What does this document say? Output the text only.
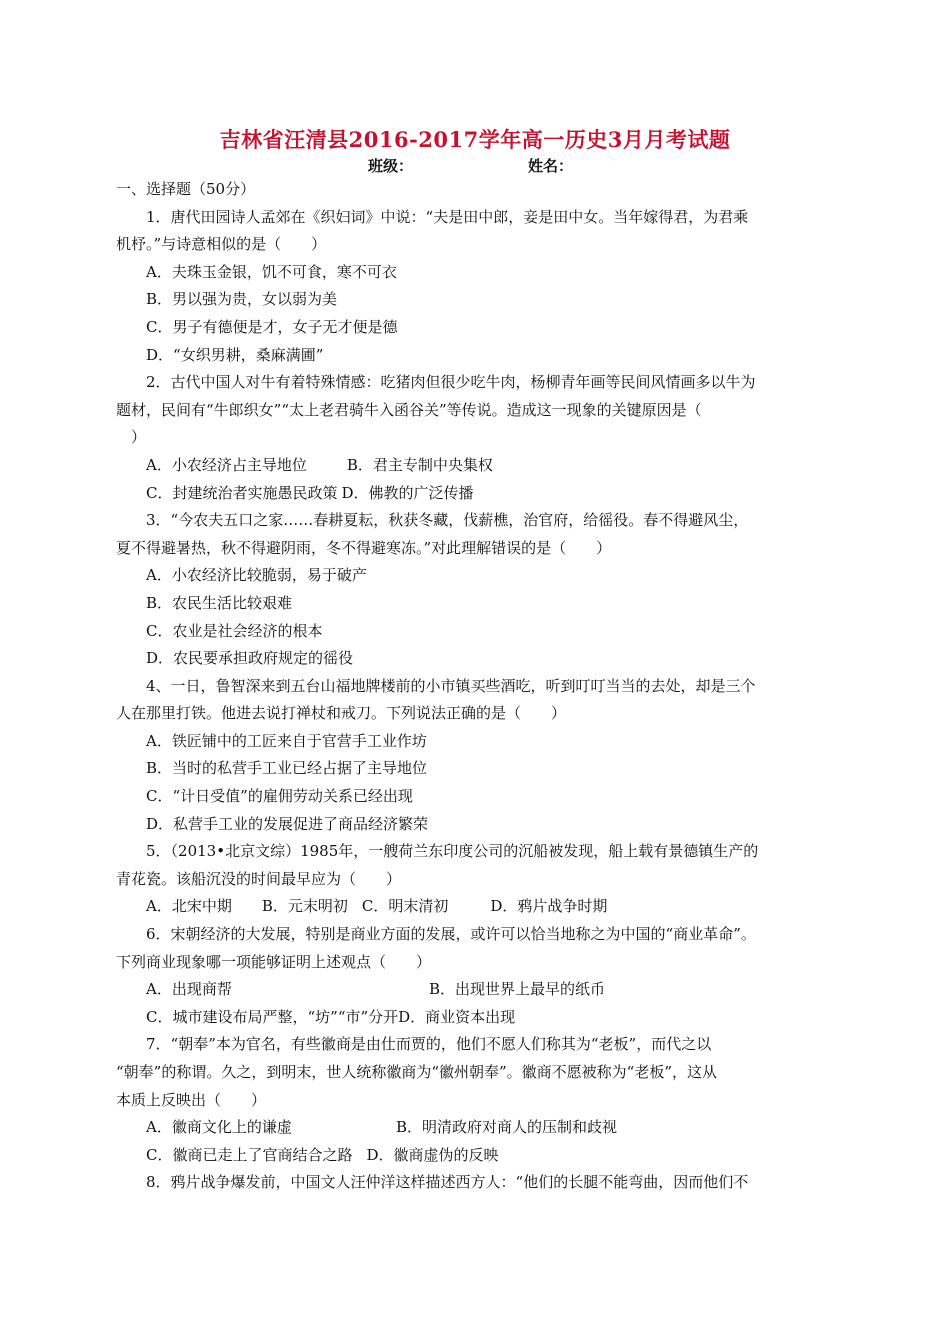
吉林省汪清县2016-2017学年高一历史3月月考试题
班级：	姓名：
一、选择题（50分）
1．唐代田园诗人孟郊在《织妇词》中说：“夫是田中郎，妾是田中女。当年嫁得君，为君乘
机杼。”与诗意相似的是（　　）
A．夫珠玉金银，饥不可食，寒不可衣
B．男以强为贵，女以弱为美
C．男子有德便是才，女子无才便是德
D．“女织男耕，桑麻满圃”
2．古代中国人对牛有着特殊情感：吃猪肉但很少吃牛肉，杨柳青年画等民间风情画多以牛为
题材，民间有“牛郎织女”“太上老君骑牛入函谷关”等传说。造成这一现象的关键原因是（
　）
A．小农经济占主导地位	B．君主专制中央集权
C．封建统治者实施愚民政策 D．佛教的广泛传播
3．“今农夫五口之家……春耕夏耘，秋获冬藏，伐薪樵，治官府，给徭役。春不得避风尘，
夏不得避暑热，秋不得避阴雨，冬不得避寒冻。”对此理解错误的是（　　）
A．小农经济比较脆弱，易于破产
B．农民生活比较艰难
C．农业是社会经济的根本
D．农民要承担政府规定的徭役
4、一日，鲁智深来到五台山福地牌楼前的小市镇买些酒吃，听到叮叮当当的去处，却是三个
人在那里打铁。他进去说打禅杖和戒刀。下列说法正确的是（　　）
A．铁匠铺中的工匠来自于官营手工业作坊
B．当时的私营手工业已经占据了主导地位
C．“计日受值”的雇佣劳动关系已经出现
D．私营手工业的发展促进了商品经济繁荣
5．（2013•北京文综）1985年，一艘荷兰东印度公司的沉船被发现，船上载有景德镇生产的
青花瓷。该船沉没的时间最早应为（　　）
A．北宋中期 B．元末明初 C．明末清初	D．鸦片战争时期
6．宋朝经济的大发展，特别是商业方面的发展，或许可以恰当地称之为中国的“商业革命”。
下列商业现象哪一项能够证明上述观点（　　）
A．出现商帮	B．出现世界上最早的纸币
C．城市建设布局严整，“坊”“市”分开D．商业资本出现
7．“朝奉”本为官名，有些徽商是由仕而贾的，他们不愿人们称其为“老板”，而代之以
“朝奉”的称谓。久之，到明末，世人统称徽商为“徽州朝奉”。徽商不愿被称为“老板”，这从
本质上反映出（　　）
A．徽商文化上的谦虚	B．明清政府对商人的压制和歧视
C．徽商已走上了官商结合之路 D．徽商虚伪的反映
8．鸦片战争爆发前，中国文人汪仲洋这样描述西方人：“他们的长腿不能弯曲，因而他们不
